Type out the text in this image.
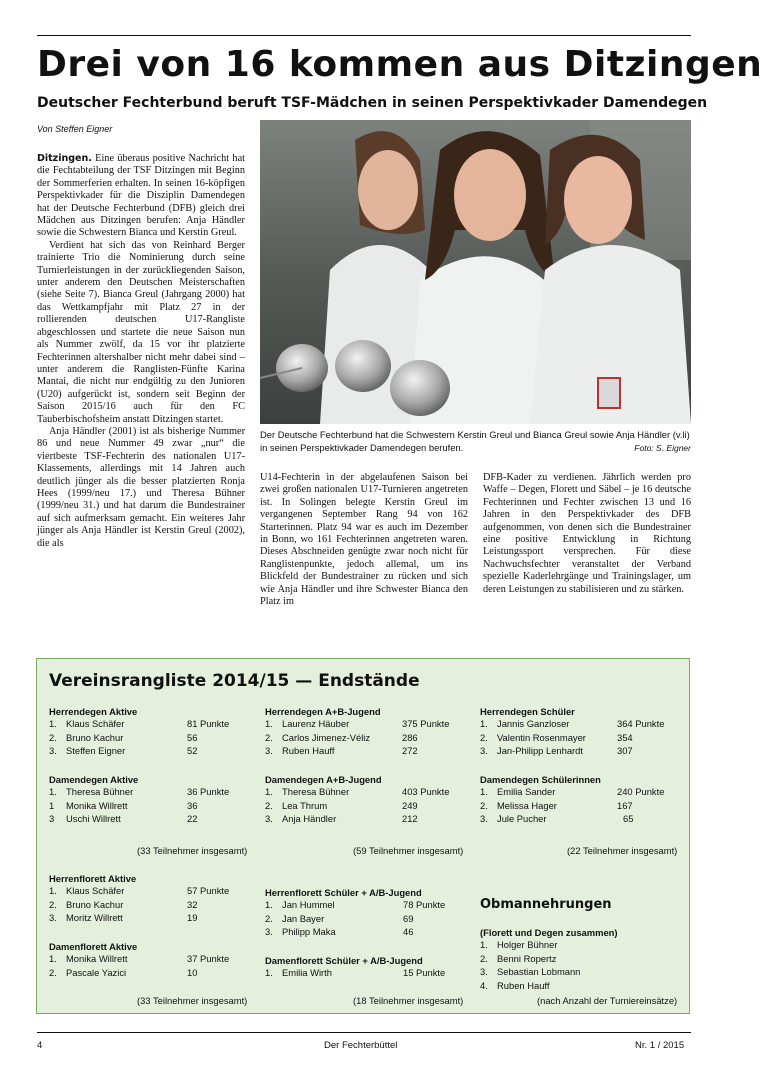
Drei von 16 kommen aus Ditzingen
Deutscher Fechterbund beruft TSF-Mädchen in seinen Perspektivkader Damendegen
Von Steffen Eigner

Ditzingen. Eine überaus positive Nachricht hat die Fechtabteilung der TSF Ditzingen mit Beginn der Sommerferien erhalten. In seinen 16-köpfigen Perspektivkader für die Disziplin Damendegen hat der Deutsche Fechterbund (DFB) gleich drei Mädchen aus Ditzingen berufen: Anja Händler sowie die Schwestern Bianca und Kerstin Greul.

Verdient hat sich das von Reinhard Berger trainierte Trio die Nominierung durch seine Turnierleistungen in der zurückliegenden Saison, unter anderem den Deutschen Meisterschaften (siehe Seite 7). Bianca Greul (Jahrgang 2000) hat das Wettkampfjahr mit Platz 27 in der rollierenden deutschen U17-Rangliste abgeschlossen und startete die neue Saison nun als Nummer zwölf, da 15 vor ihr platzierte Fechterinnen altershalber nicht mehr dabei sind – unter anderem die Ranglisten-Fünfte Karina Mantai, die nicht nur endgültig zu den Junioren (U20) aufgerückt ist, sondern seit Beginn der Saison 2015/16 auch für den FC Tauberbischofsheim anstatt Ditzingen startet.

Anja Händler (2001) ist als bisherige Nummer 86 und neue Nummer 49 zwar „nur“ die viertbeste TSF-Fechterin des nationalen U17-Klassements, allerdings mit 14 Jahren auch deutlich jünger als die besser platzierten Ronja Hees (1999/neu 17.) und Theresa Bühner (1999/neu 31.) und hat darum die Bundestrainer auf sich aufmerksam gemacht. Ein weiteres Jahr jünger als Anja Händler ist Kerstin Greul (2002), die als

Der Deutsche Fechterbund hat die Schwestern Kerstin Greul und Bianca Greul sowie Anja Händler (v.li) in seinen Perspektivkader Damendegen berufen.	Foto: S. Eigner

U14-Fechterin in der abgelaufenen Saison bei zwei großen nationalen U17-Turnieren angetreten ist. In Solingen belegte Kerstin Greul im vergangenen September Rang 94 von 162 Starterinnen. Platz 94 war es auch im Dezember in Bonn, wo 161 Fechterinnen angetreten waren. Dieses Abschneiden genügte zwar noch nicht für Ranglistenpunkte, jedoch allemal, um ins Blickfeld der Bundestrainer zu rücken und sich wie Anja Händler und ihre Schwester Bianca den Platz im

DFB-Kader zu verdienen. Jährlich werden pro Waffe – Degen, Florett und Säbel – je 16 deutsche Fechterinnen und Fechter zwischen 13 und 16 Jahren in den Perspektivkader des DFB aufgenommen, von denen sich die Bundestrainer eine positive Entwicklung in Richtung Leistungssport versprechen. Für diese Nachwuchsfechter veranstaltet der Verband spezielle Kaderlehrgänge und Trainingslager, um deren Leistungen zu stabilisieren und zu stärken.

Vereinsrangliste 2014/15 — Endstände
Herrendegen Aktive
1. Klaus Schäfer	81 Punkte
2. Bruno Kachur	56
3. Steffen Eigner	52
Herrendegen A+B-Jugend
1. Laurenz Häuber	375 Punkte
2. Carlos Jimenez-Véliz	286
3. Ruben Hauff	272
Herrendegen Schüler
1. Jannis Ganzloser	364 Punkte
2. Valentin Rosenmayer	354
3. Jan-Philipp Lenhardt	307
Damendegen Aktive
1. Theresa Bühner	36 Punkte
1 Monika Willrett	36
3 Uschi Willrett	22
Damendegen A+B-Jugend
1. Theresa Bühner	403 Punkte
2. Lea Thrum	249
3. Anja Händler	212
Damendegen Schülerinnen
1. Emilia Sander	240 Punkte
2. Melissa Hager	167
3. Jule Pucher	65
(33 Teilnehmer insgesamt)	(59 Teilnehmer insgesamt)	(22 Teilnehmer insgesamt)
Herrenflorett Aktive
1. Klaus Schäfer	57 Punkte
2. Bruno Kachur	32
3. Moritz Willrett	19
Herrenflorett Schüler + A/B-Jugend
1. Jan Hummel	78 Punkte
2. Jan Bayer	69
3. Philipp Maka	46
Obmannehrungen
(Florett und Degen zusammen)
1. Holger Bühner
2. Benni Ropertz
3. Sebastian Lobmann
4. Ruben Hauff
Damenflorett Aktive
1. Monika Willrett	37 Punkte
2. Pascale Yazici	10
Damenflorett Schüler + A/B-Jugend
1. Emilia Wirth	15 Punkte
(33 Teilnehmer insgesamt)	(18 Teilnehmer insgesamt)	(nach Anzahl der Turniereinsätze)
4	Der Fechterbüttel	Nr. 1 / 2015
